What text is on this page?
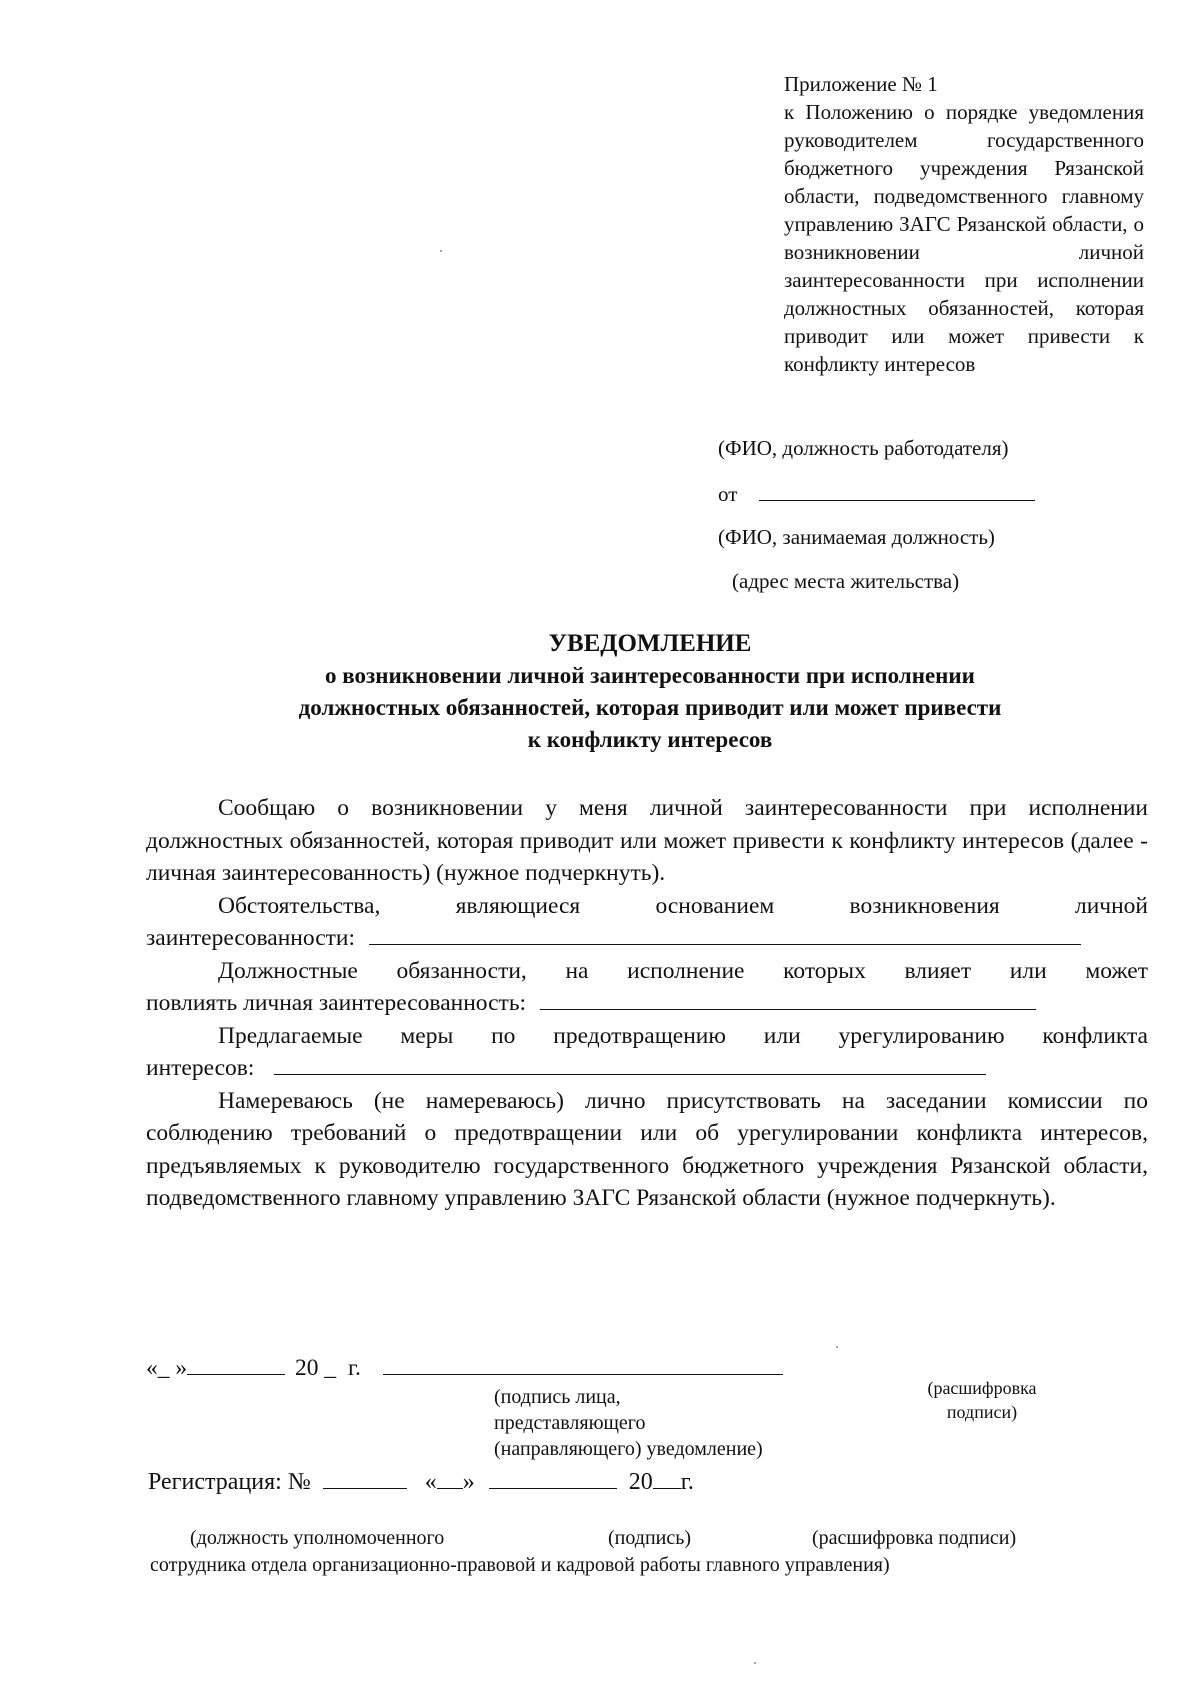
Приложение № 1

к Положению о порядке уведомления руководителем государственного бюджетного учреждения Рязанской области, подведомственного главному управлению ЗАГС Рязанской области, о возникновении личной заинтересованности при исполнении должностных обязанностей, которая приводит или может привести к конфликту интересов

(ФИО, должность работодателя)
от
(ФИО, занимаемая должность)
(адрес места жительства)
УВЕДОМЛЕНИЕ
о возникновении личной заинтересованности при исполнении должностных обязанностей, которая приводит или может привести к конфликту интересов

Сообщаю о возникновении у меня личной заинтересованности при исполнении должностных обязанностей, которая приводит или может привести к конфликту интересов (далее - личная заинтересованность) (нужное подчеркнуть).

Обстоятельства, являющиеся основанием возникновения личной

заинтересованности:

Должностные обязанности, на исполнение которых влияет или может

повлиять личная заинтересованность:

Предлагаемые меры по предотвращению или урегулированию конфликта

интересов:

Намереваюсь (не намереваюсь) лично присутствовать на заседании комиссии по соблюдению требований о предотвращении или об урегулировании конфликта интересов, предъявляемых к руководителю государственного бюджетного учреждения Рязанской области, подведомственного главному управлению ЗАГС Рязанской области (нужное подчеркнуть).

«_ »	20 _ г.
(подпись лица,
представляющего
(направляющего) уведомление)
(расшифровка
подписи)
Регистрация: №	« »	20 г.
(должность уполномоченного	(подпись)	(расшифровка подписи)
сотрудника отдела организационно-правовой и кадровой работы главного управления)
